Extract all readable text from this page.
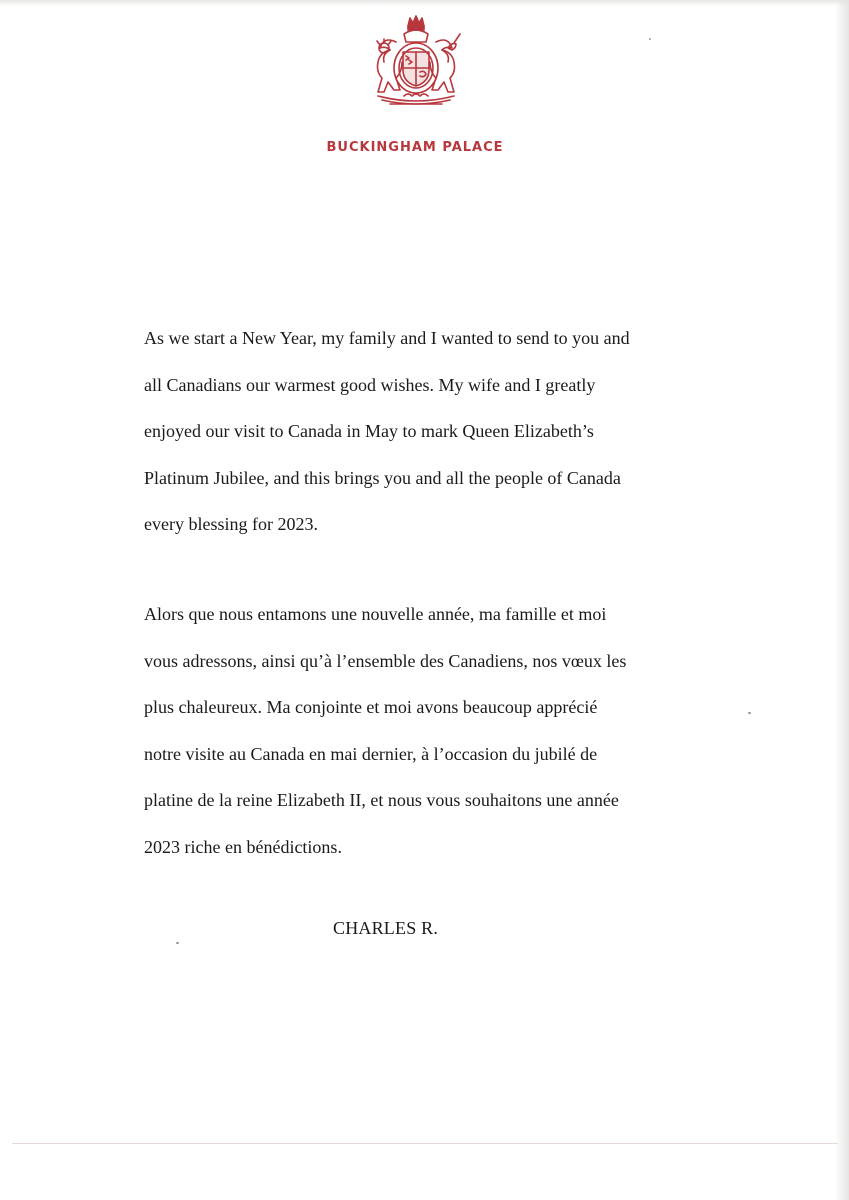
BUCKINGHAM PALACE
As we start a New Year, my family and I wanted to send to you and
all Canadians our warmest good wishes. My wife and I greatly
enjoyed our visit to Canada in May to mark Queen Elizabeth’s
Platinum Jubilee, and this brings you and all the people of Canada
every blessing for 2023.
Alors que nous entamons une nouvelle année, ma famille et moi
vous adressons, ainsi qu’à l’ensemble des Canadiens, nos vœux les
plus chaleureux. Ma conjointe et moi avons beaucoup apprécié
notre visite au Canada en mai dernier, à l’occasion du jubilé de
platine de la reine Elizabeth II, et nous vous souhaitons une année
2023 riche en bénédictions.
CHARLES R.
